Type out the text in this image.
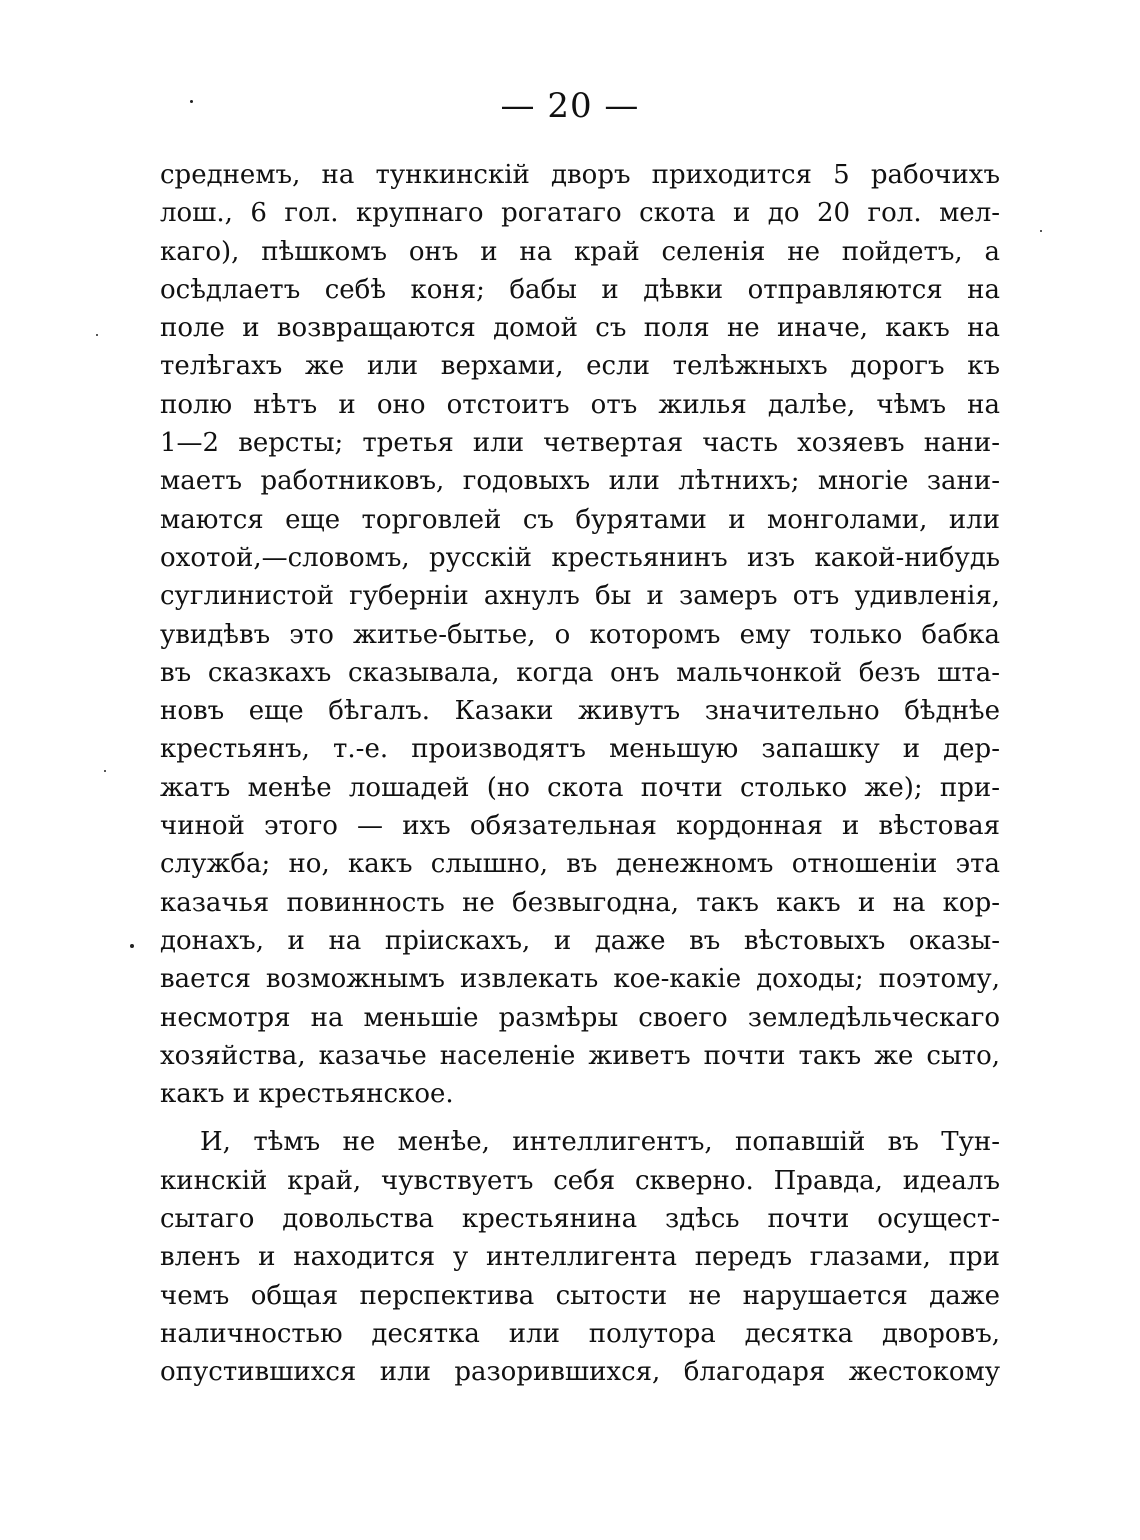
— 20 —
среднемъ, на тункинскій дворъ приходится 5 рабочихъ
лош., 6 гол. крупнаго рогатаго скота и до 20 гол. мел-
каго), пѣшкомъ онъ и на край селенія не пойдетъ, а
осѣдлаетъ себѣ коня; бабы и дѣвки отправляются на
поле и возвращаются домой съ поля не иначе, какъ на
телѣгахъ же или верхами, если телѣжныхъ дорогъ къ
полю нѣтъ и оно отстоитъ отъ жилья далѣе, чѣмъ на
1—2 версты; третья или четвертая часть хозяевъ нани-
маетъ работниковъ, годовыхъ или лѣтнихъ; многіе зани-
маются еще торговлей съ бурятами и монголами, или
охотой,—словомъ, русскій крестьянинъ изъ какой-нибудь
суглинистой губерніи ахнулъ бы и замеръ отъ удивленія,
увидѣвъ это житье-бытье, о которомъ ему только бабка
въ сказкахъ сказывала, когда онъ мальчонкой безъ шта-
новъ еще бѣгалъ. Казаки живутъ значительно бѣднѣе
крестьянъ, т.-е. производятъ меньшую запашку и дер-
жатъ менѣе лошадей (но скота почти столько же); при-
чиной этого — ихъ обязательная кордонная и вѣстовая
служба; но, какъ слышно, въ денежномъ отношеніи эта
казачья повинность не безвыгодна, такъ какъ и на кор-
донахъ, и на пріискахъ, и даже въ вѣстовыхъ оказы-
вается возможнымъ извлекать кое-какіе доходы; поэтому,
несмотря на меньшіе размѣры своего земледѣльческаго
хозяйства, казачье населеніе живетъ почти такъ же сыто,
какъ и крестьянское.
И, тѣмъ не менѣе, интеллигентъ, попавшій въ Тун-
кинскій край, чувствуетъ себя скверно. Правда, идеалъ
сытаго довольства крестьянина здѣсь почти осущест-
вленъ и находится у интеллигента передъ глазами, при
чемъ общая перспектива сытости не нарушается даже
наличностью десятка или полутора десятка дворовъ,
опустившихся или разорившихся, благодаря жестокому
